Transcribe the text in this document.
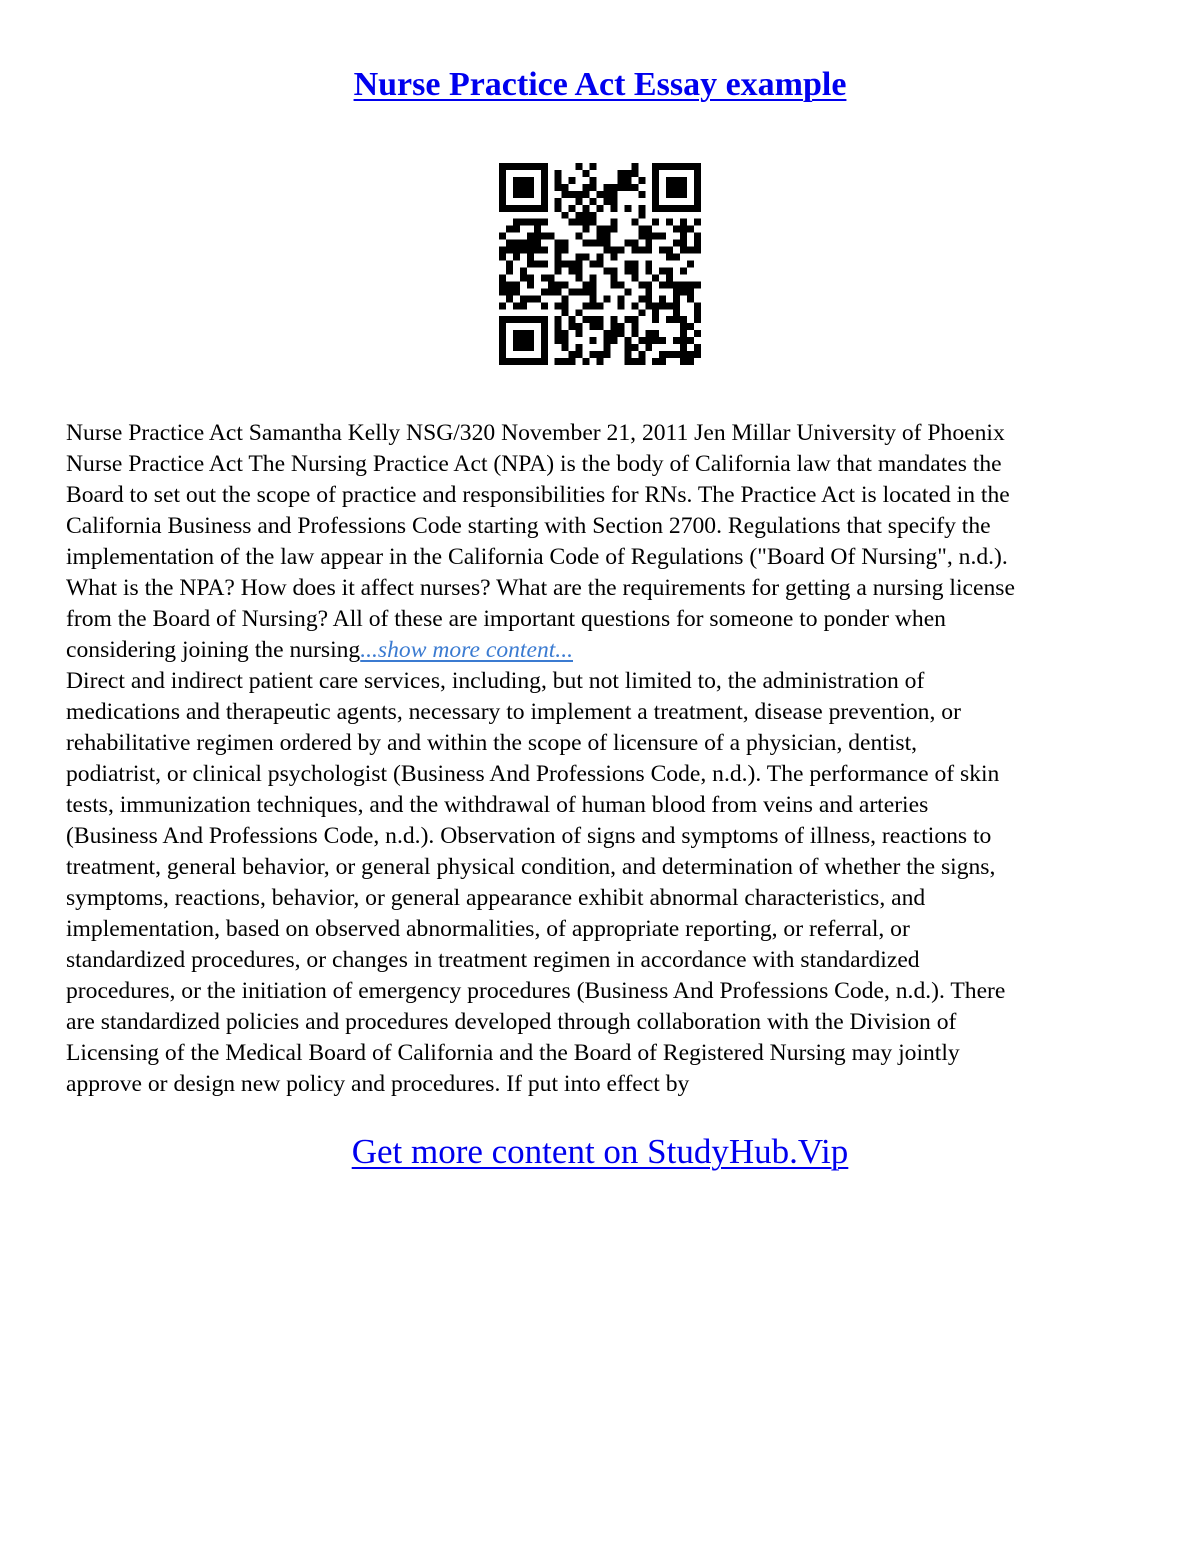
Nurse Practice Act Essay example
Nurse Practice Act Samantha Kelly NSG/320 November 21, 2011 Jen Millar University of Phoenix
Nurse Practice Act The Nursing Practice Act (NPA) is the body of California law that mandates the
Board to set out the scope of practice and responsibilities for RNs. The Practice Act is located in the
California Business and Professions Code starting with Section 2700. Regulations that specify the
implementation of the law appear in the California Code of Regulations ("Board Of Nursing", n.d.).
What is the NPA? How does it affect nurses? What are the requirements for getting a nursing license
from the Board of Nursing? All of these are important questions for someone to ponder when
considering joining the nursing...show more content...
Direct and indirect patient care services, including, but not limited to, the administration of
medications and therapeutic agents, necessary to implement a treatment, disease prevention, or
rehabilitative regimen ordered by and within the scope of licensure of a physician, dentist,
podiatrist, or clinical psychologist (Business And Professions Code, n.d.). The performance of skin
tests, immunization techniques, and the withdrawal of human blood from veins and arteries
(Business And Professions Code, n.d.). Observation of signs and symptoms of illness, reactions to
treatment, general behavior, or general physical condition, and determination of whether the signs,
symptoms, reactions, behavior, or general appearance exhibit abnormal characteristics, and
implementation, based on observed abnormalities, of appropriate reporting, or referral, or
standardized procedures, or changes in treatment regimen in accordance with standardized
procedures, or the initiation of emergency procedures (Business And Professions Code, n.d.). There
are standardized policies and procedures developed through collaboration with the Division of
Licensing of the Medical Board of California and the Board of Registered Nursing may jointly
approve or design new policy and procedures. If put into effect by
Get more content on StudyHub.Vip
